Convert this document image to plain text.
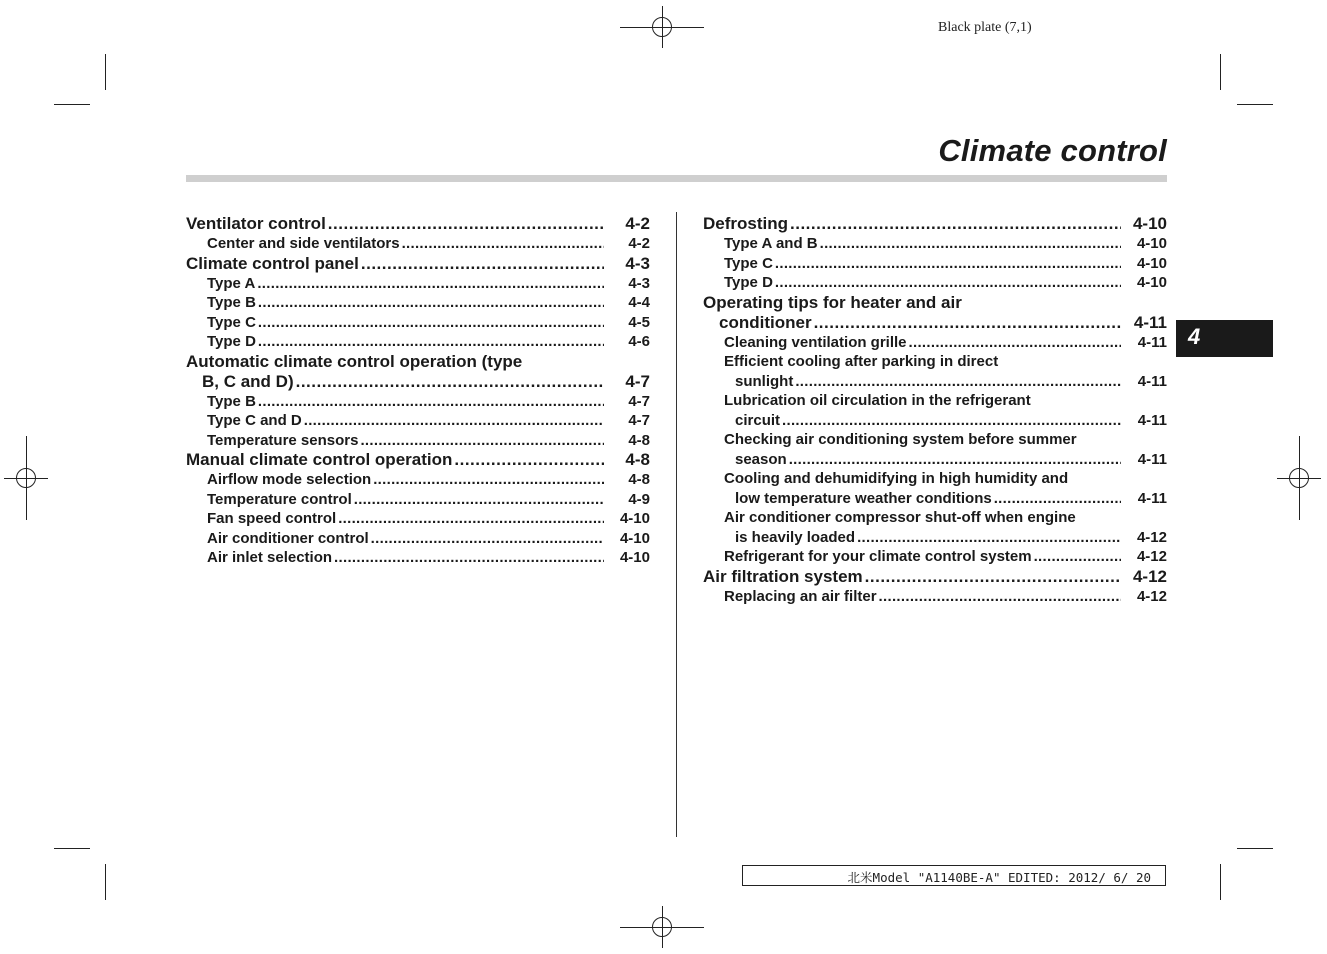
Black plate (7,1)
Climate control
4
Ventilator control .....	4-2
Center and side ventilators .....	4-2
Climate control panel .....	4-3
Type A .....	4-3
Type B .....	4-4
Type C .....	4-5
Type D .....	4-6
Automatic climate control operation (type
B, C and D) .....	4-7
Type B .....	4-7
Type C and D .....	4-7
Temperature sensors .....	4-8
Manual climate control operation .....	4-8
Airflow mode selection .....	4-8
Temperature control .....	4-9
Fan speed control .....	4-10
Air conditioner control .....	4-10
Air inlet selection .....	4-10
Defrosting .....	4-10
Type A and B .....	4-10
Type C .....	4-10
Type D .....	4-10
Operating tips for heater and air
conditioner .....	4-11
Cleaning ventilation grille .....	4-11
Efficient cooling after parking in direct
sunlight .....	4-11
Lubrication oil circulation in the refrigerant
circuit .....	4-11
Checking air conditioning system before summer
season .....	4-11
Cooling and dehumidifying in high humidity and
low temperature weather conditions .....	4-11
Air conditioner compressor shut-off when engine
is heavily loaded .....	4-12
Refrigerant for your climate control system .....	4-12
Air filtration system .....	4-12
Replacing an air filter .....	4-12
北米Model "A1140BE-A" EDITED: 2012/ 6/ 20
